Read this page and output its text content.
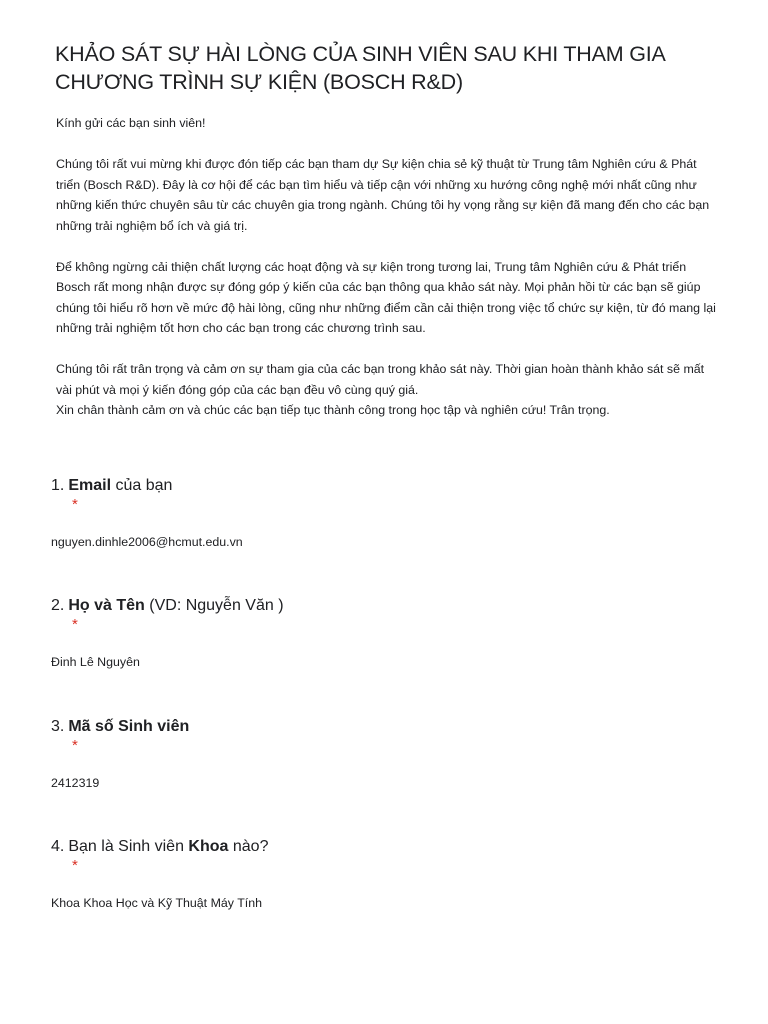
KHẢO SÁT SỰ HÀI LÒNG CỦA SINH VIÊN SAU KHI THAM GIA CHƯƠNG TRÌNH SỰ KIỆN (BOSCH R&D)

Kính gửi các bạn sinh viên!

Chúng tôi rất vui mừng khi được đón tiếp các bạn tham dự Sự kiện chia sẻ kỹ thuật từ Trung tâm Nghiên cứu & Phát triển (Bosch R&D). Đây là cơ hội để các bạn tìm hiểu và tiếp cận với những xu hướng công nghệ mới nhất cũng như những kiến thức chuyên sâu từ các chuyên gia trong ngành. Chúng tôi hy vọng rằng sự kiện đã mang đến cho các bạn những trải nghiệm bổ ích và giá trị.

Để không ngừng cải thiện chất lượng các hoạt động và sự kiện trong tương lai, Trung tâm Nghiên cứu & Phát triển Bosch rất mong nhận được sự đóng góp ý kiến của các bạn thông qua khảo sát này. Mọi phản hồi từ các bạn sẽ giúp chúng tôi hiểu rõ hơn về mức độ hài lòng, cũng như những điểm cần cải thiện trong việc tổ chức sự kiện, từ đó mang lại những trải nghiệm tốt hơn cho các bạn trong các chương trình sau.

Chúng tôi rất trân trọng và cảm ơn sự tham gia của các bạn trong khảo sát này. Thời gian hoàn thành khảo sát sẽ mất vài phút và mọi ý kiến đóng góp của các bạn đều vô cùng quý giá.

Xin chân thành cảm ơn và chúc các bạn tiếp tục thành công trong học tập và nghiên cứu! Trân trọng.

1. Email của bạn

*
nguyen.dinhle2006@hcmut.edu.vn

2. Họ và Tên (VD: Nguyễn Văn )

*
Đinh Lê Nguyên

3. Mã số Sinh viên

*
2412319

4. Bạn là Sinh viên Khoa nào?

*
Khoa Khoa Học và Kỹ Thuật Máy Tính
